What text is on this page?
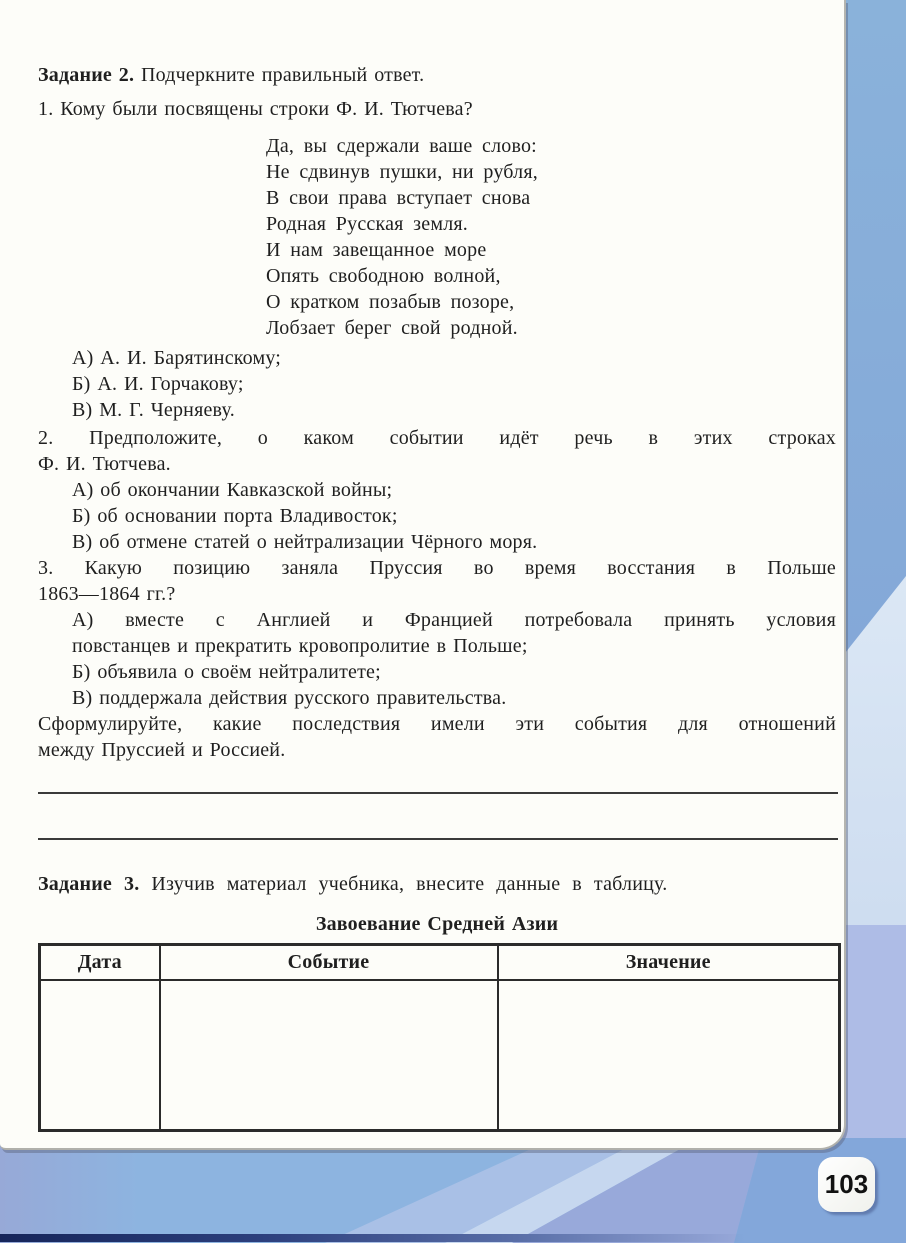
Задание 2. Подчеркните правильный ответ.
1. Кому были посвящены строки Ф. И. Тютчева?
Да, вы сдержали ваше слово:
Не сдвинув пушки, ни рубля,
В свои права вступает снова
Родная Русская земля.
И нам завещанное море
Опять свободною волной,
О кратком позабыв позоре,
Лобзает берег свой родной.
А) А. И. Барятинскому;
Б) А. И. Горчакову;
В) М. Г. Черняеву.
2. Предположите, о каком событии идёт речь в этих строках
Ф. И. Тютчева.
А) об окончании Кавказской войны;
Б) об основании порта Владивосток;
В) об отмене статей о нейтрализации Чёрного моря.
3. Какую позицию заняла Пруссия во время восстания в Польше
1863—1864 гг.?
А) вместе с Англией и Францией потребовала принять условия
повстанцев и прекратить кровопролитие в Польше;
Б) объявила о своём нейтралитете;
В) поддержала действия русского правительства.
Сформулируйте, какие последствия имели эти события для отношений
между Пруссией и Россией.
Задание 3. Изучив материал учебника, внесите данные в таблицу.
Завоевание Средней Азии
Дата	Событие	Значение

103
